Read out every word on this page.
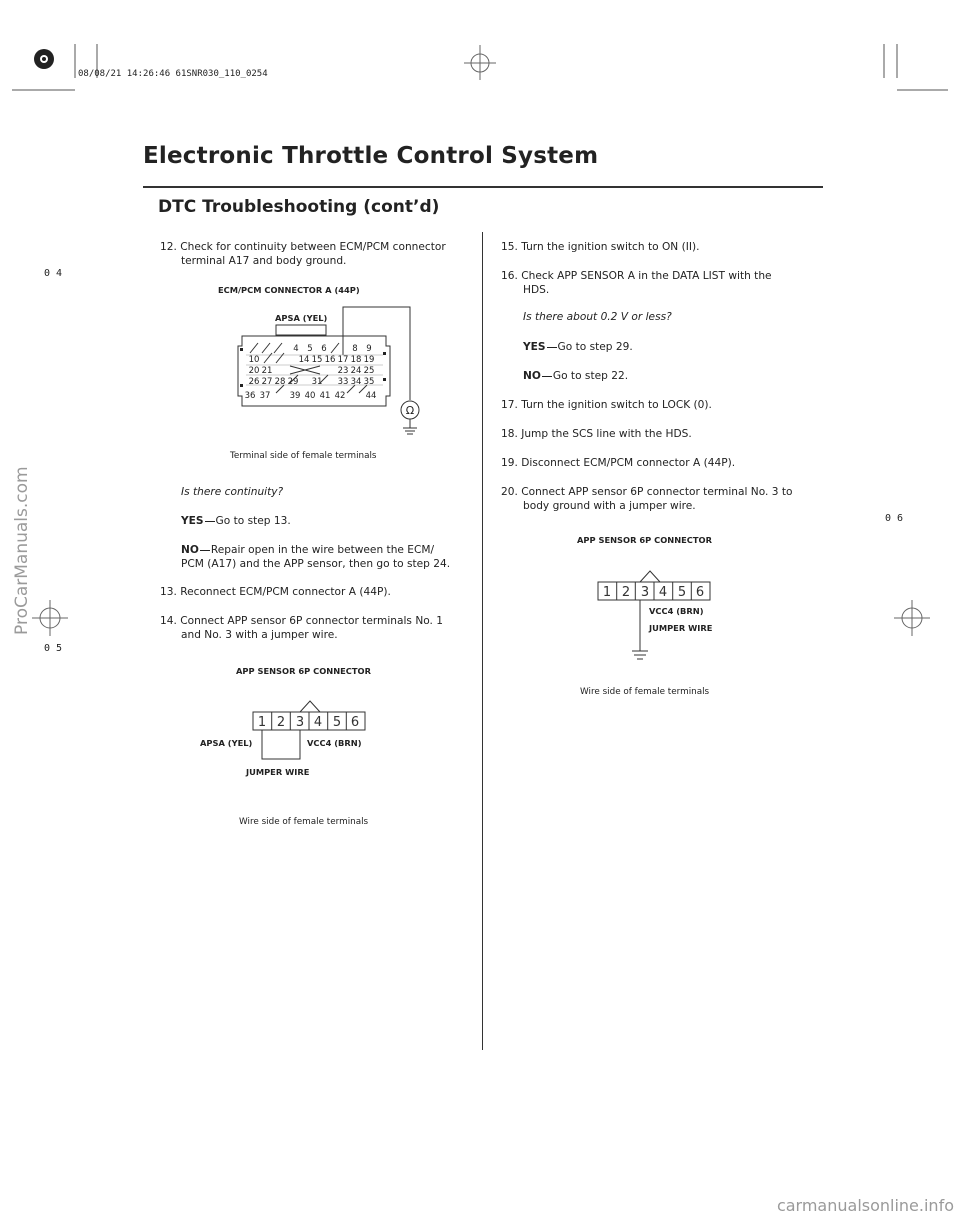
08/08/21 14:26:46 61SNR030_110_0254
Electronic Throttle Control System
DTC Troubleshooting (cont’d)
0 4
0 6
0 5
12. Check for continuity between ECM/PCM connector
terminal A17 and body ground.
ECM/PCM CONNECTOR A (44P)
APSA (YEL)
Ω
4 5 6	8 9
10	14 15 16 17 18 19
20 21	23 24 25
26 27 28 29 31 33 34 35
36 37 39 40 41 42 44
Terminal side of female terminals
Is there continuity?
YES Go to step 13.
NO Repair open in the wire between the ECM/
PCM (A17) and the APP sensor, then go to step 24.
13. Reconnect ECM/PCM connector A (44P).
14. Connect APP sensor 6P connector terminals No. 1
and No. 3 with a jumper wire.
APP SENSOR 6P CONNECTOR
1 2 3 4 5 6
APSA (YEL)	VCC4 (BRN)
JUMPER WIRE
Wire side of female terminals
15. Turn the ignition switch to ON (II).
16. Check APP SENSOR A in the DATA LIST with the
HDS.
Is there about 0.2 V or less?
YES Go to step 29.
NO Go to step 22.
17. Turn the ignition switch to LOCK (0).
18. Jump the SCS line with the HDS.
19. Disconnect ECM/PCM connector A (44P).
20. Connect APP sensor 6P connector terminal No. 3 to
body ground with a jumper wire.
APP SENSOR 6P CONNECTOR
1 2 3 4 5 6
VCC4 (BRN)
JUMPER WIRE
Wire side of female terminals
ProCarManuals.com
carmanualsonline.info
